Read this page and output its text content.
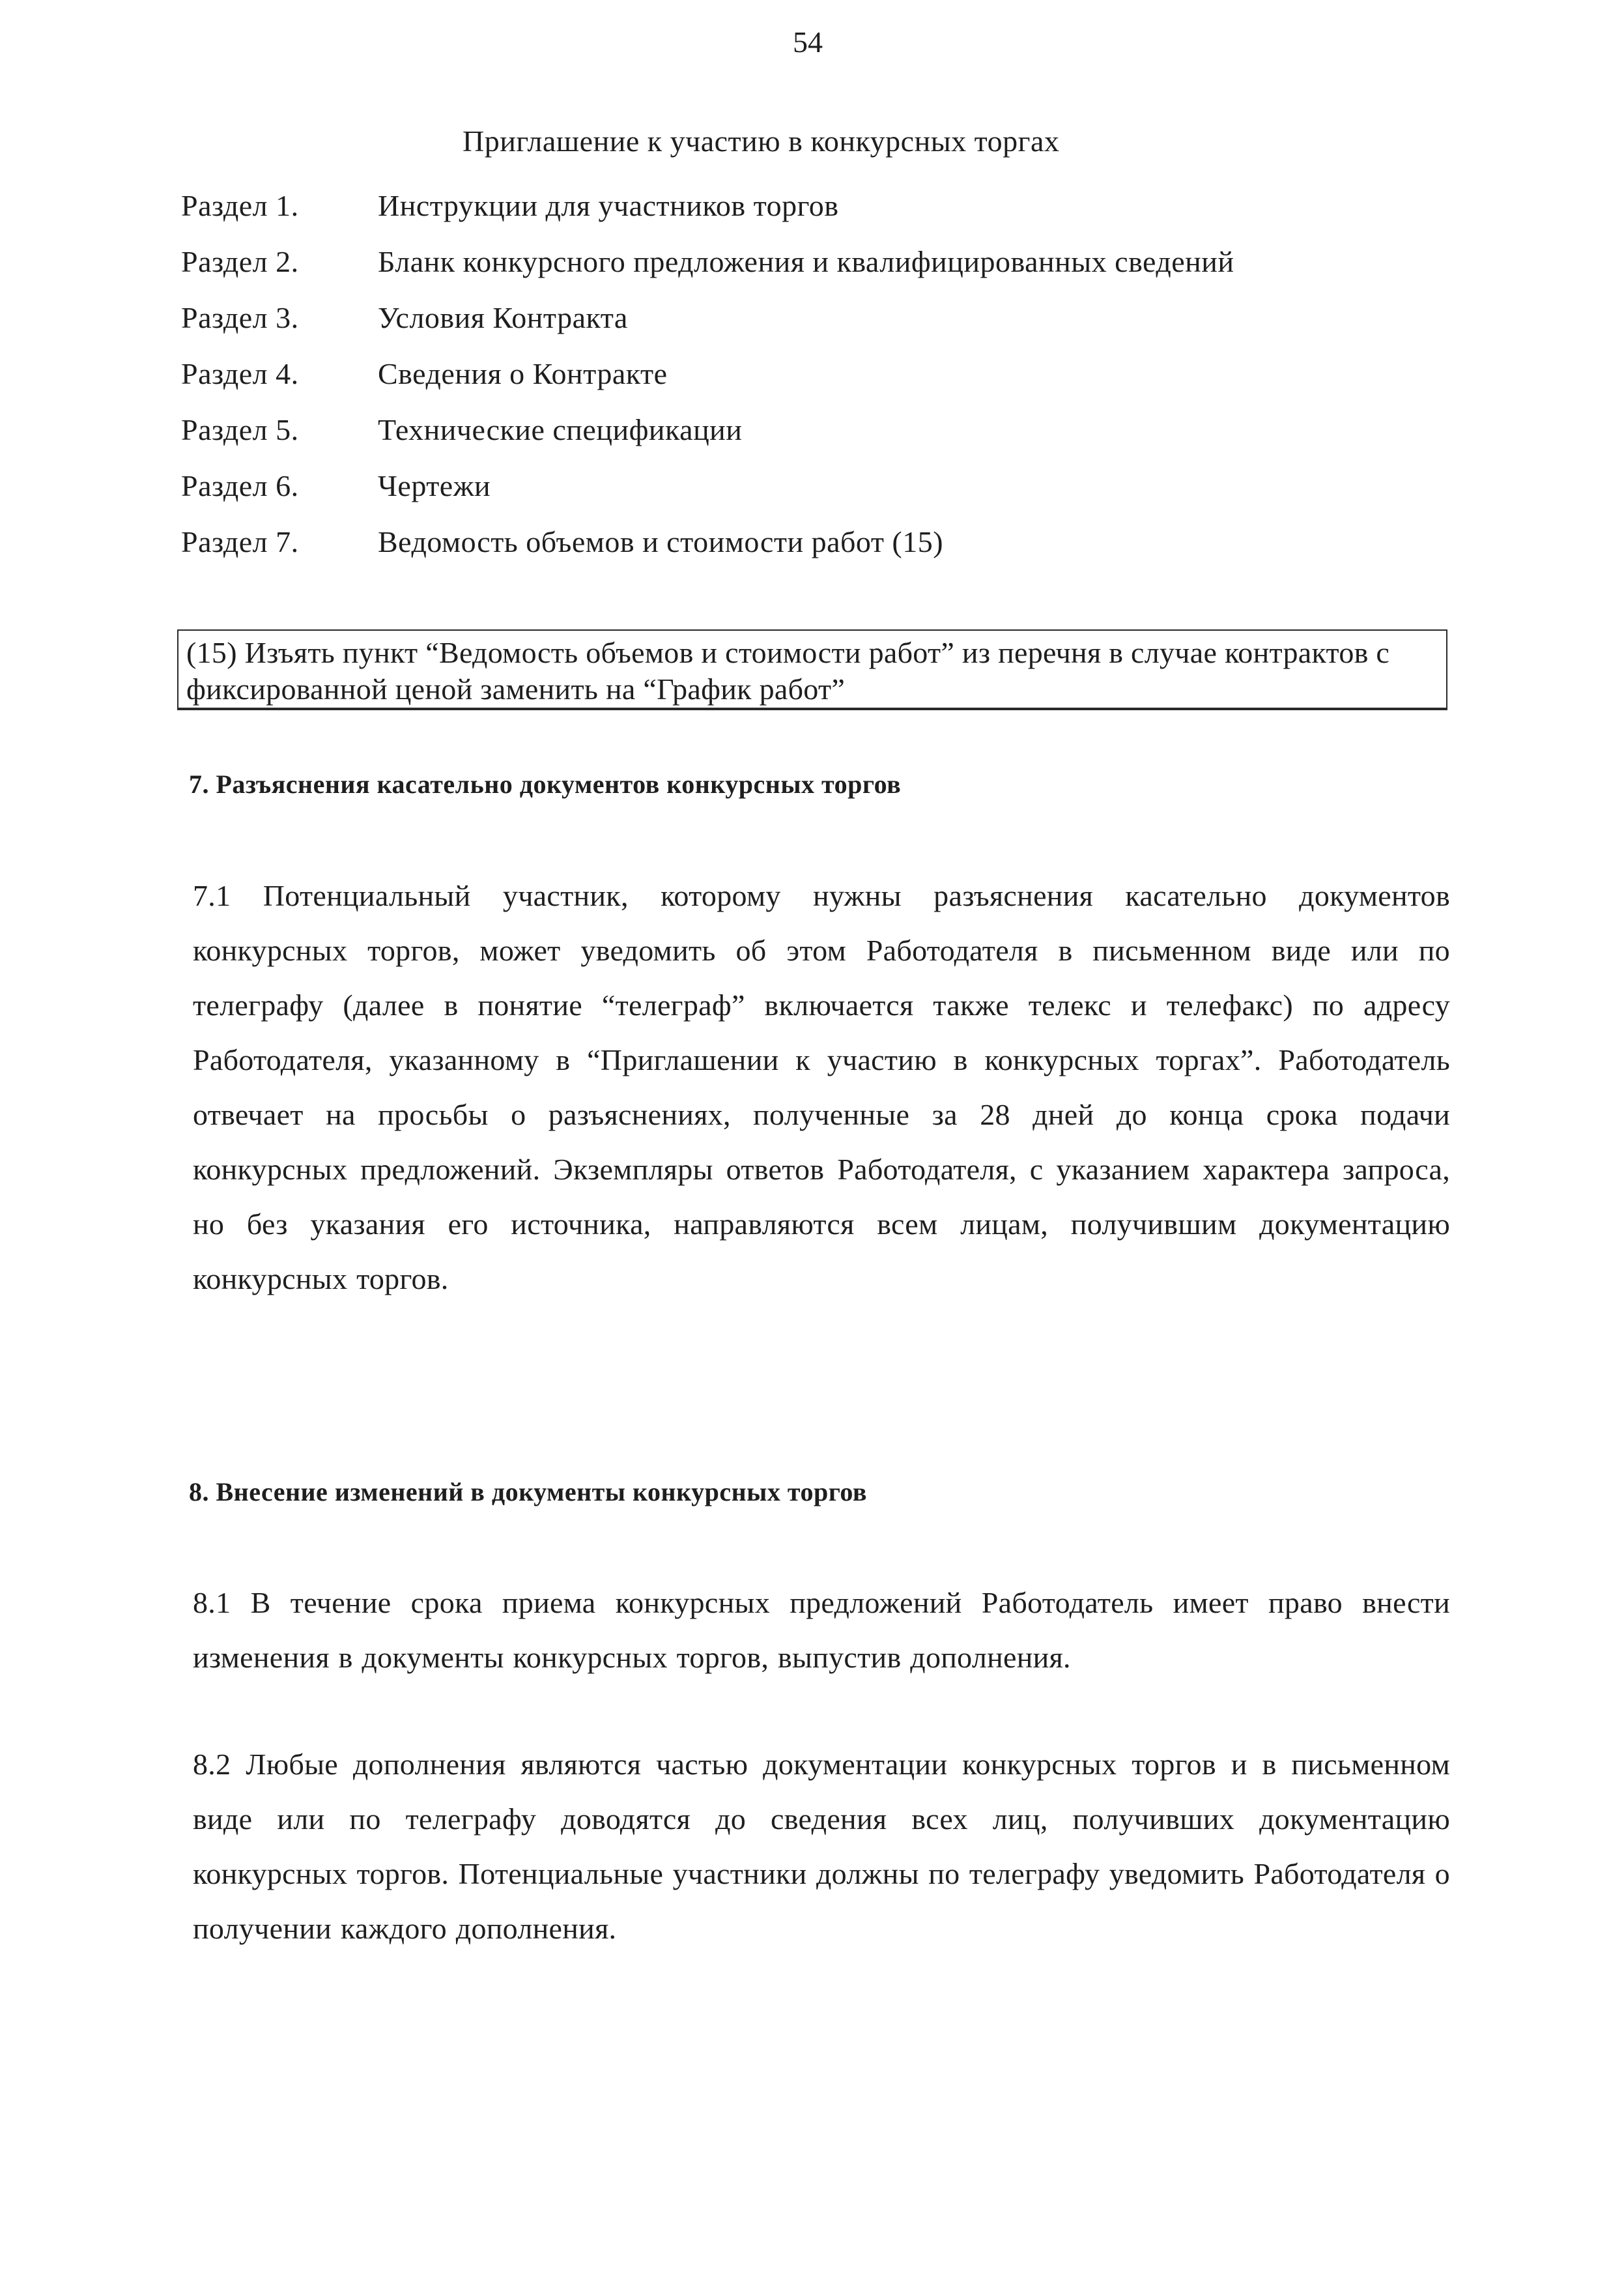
54
Приглашение к участию в конкурсных торгах
Раздел 1.	Инструкции для участников торгов
Раздел 2.	Бланк конкурсного предложения и квалифицированных сведений
Раздел 3.	Условия Контракта
Раздел 4.	Сведения о Контракте
Раздел 5.	Технические спецификации
Раздел 6.	Чертежи
Раздел 7.	Ведомость объемов и стоимости работ (15)
(15) Изъять пункт “Ведомость объемов и стоимости работ” из перечня в случае контрактов с фиксированной ценой заменить на “График работ”
7. Разъяснения касательно документов конкурсных торгов
7.1 Потенциальный участник, которому нужны разъяснения касательно документов конкурсных торгов, может уведомить об этом Работодателя в письменном виде или по телеграфу (далее в понятие “телеграф” включается также телекс и телефакс) по адресу Работодателя, указанному в “Приглашении к участию в конкурсных торгах”. Работодатель отвечает на просьбы о разъяснениях, полученные за 28 дней до конца срока подачи конкурсных предложений. Экземпляры ответов Работодателя, с указанием характера запроса, но без указания его источника, направляются всем лицам, получившим документацию конкурсных торгов.
8. Внесение изменений в документы конкурсных торгов
8.1 В течение срока приема конкурсных предложений Работодатель имеет право внести изменения в документы конкурсных торгов, выпустив дополнения.
8.2 Любые дополнения являются частью документации конкурсных торгов и в письменном виде или по телеграфу доводятся до сведения всех лиц, получивших документацию конкурсных торгов. Потенциальные участники должны по телеграфу уведомить Работодателя о получении каждого дополнения.
